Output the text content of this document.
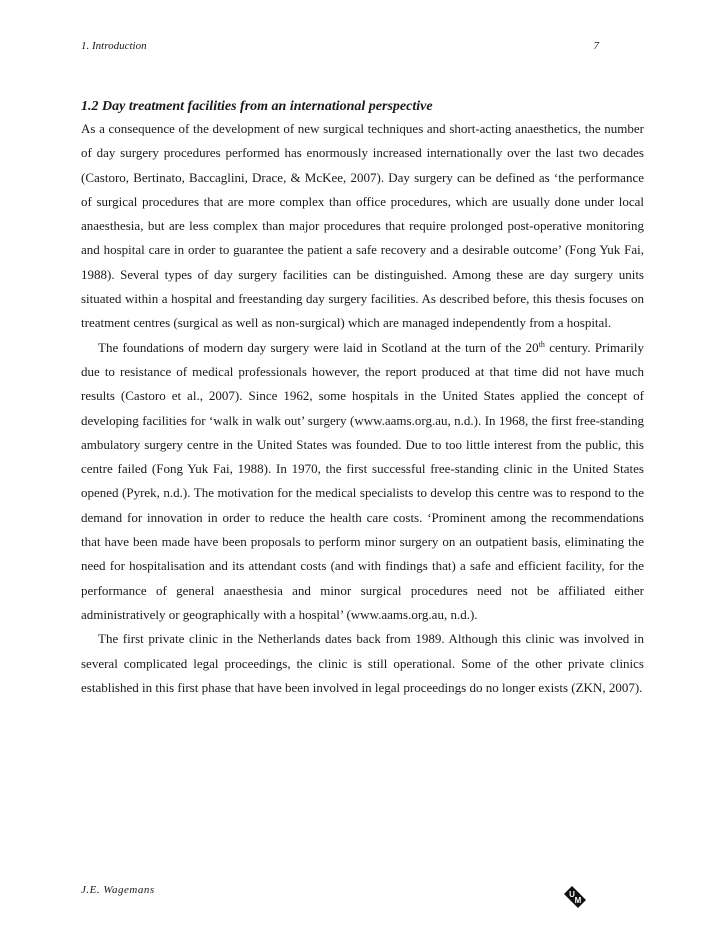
1. Introduction	7
1.2 Day treatment facilities from an international perspective

As a consequence of the development of new surgical techniques and short-acting anaesthetics, the number of day surgery procedures performed has enormously increased internationally over the last two decades (Castoro, Bertinato, Baccaglini, Drace, & McKee, 2007). Day surgery can be defined as ‘the performance of surgical procedures that are more complex than office procedures, which are usually done under local anaesthesia, but are less complex than major procedures that require prolonged post-operative monitoring and hospital care in order to guarantee the patient a safe recovery and a desirable outcome’ (Fong Yuk Fai, 1988). Several types of day surgery facilities can be distinguished. Among these are day surgery units situated within a hospital and freestanding day surgery facilities. As described before, this thesis focuses on treatment centres (surgical as well as non-surgical) which are managed independently from a hospital.

The foundations of modern day surgery were laid in Scotland at the turn of the 20th century. Primarily due to resistance of medical professionals however, the report produced at that time did not have much results (Castoro et al., 2007). Since 1962, some hospitals in the United States applied the concept of developing facilities for ‘walk in walk out’ surgery (www.aams.org.au, n.d.). In 1968, the first free-standing ambulatory surgery centre in the United States was founded. Due to too little interest from the public, this centre failed (Fong Yuk Fai, 1988). In 1970, the first successful free-standing clinic in the United States opened (Pyrek, n.d.). The motivation for the medical specialists to develop this centre was to respond to the demand for innovation in order to reduce the health care costs. ‘Prominent among the recommendations that have been made have been proposals to perform minor surgery on an outpatient basis, eliminating the need for hospitalisation and its attendant costs (and with findings that) a safe and efficient facility, for the performance of general anaesthesia and minor surgical procedures need not be affiliated either administratively or geographically with a hospital’ (www.aams.org.au, n.d.).

The first private clinic in the Netherlands dates back from 1989. Although this clinic was involved in several complicated legal proceedings, the clinic is still operational. Some of the other private clinics established in this first phase that have been involved in legal proceedings do no longer exists (ZKN, 2007).

J.E. Wagemans	U
M
